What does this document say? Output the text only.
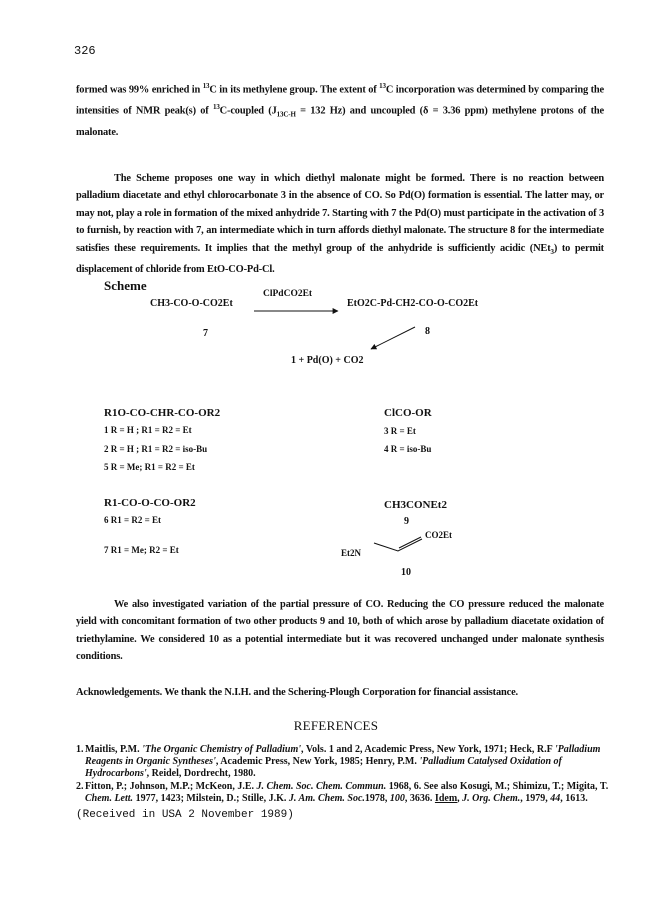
326

formed was 99% enriched in $^{13}$C in its methylene group. The extent of $^{13}$C incorporation was determined by comparing the intensities of NMR peak(s) of $^{13}$C-coupled ($J_{13C-H} = 132$ Hz) and uncoupled (δ = 3.36 ppm) methylene protons of the malonate.

The Scheme proposes one way in which diethyl malonate might be formed. There is no reaction between palladium diacetate and ethyl chlorocarbonate 3 in the absence of CO. So Pd(O) formation is essential. The latter may, or may not, play a role in formation of the mixed anhydride 7. Starting with 7 the Pd(O) must participate in the activation of 3 to furnish, by reaction with 7, an intermediate which in turn affords diethyl malonate. The structure 8 for the intermediate satisfies these requirements. It implies that the methyl group of the anhydride is sufficiently acidic (NEt$_3$) to permit displacement of chloride from EtO-CO-Pd-Cl.

Scheme
CH3-CO-O-CO2Et
7
ClPdCO2Et
EtO2C-Pd-CH2-CO-O-CO2Et
8
1 + Pd(O) + CO2
R1O-CO-CHR-CO-OR2
1 R = H ; R1 = R2 = Et
2 R = H ; R1 = R2 = iso-Bu
5 R = Me; R1 = R2 = Et
ClCO-OR
3 R = Et
4 R = iso-Bu
R1-CO-O-CO-OR2
6 R1 = R2 = Et
7 R1 = Me; R2 = Et
CH3CONEt2
9
Et2N
CO2Et
10

We also investigated variation of the partial pressure of CO. Reducing the CO pressure reduced the malonate yield with concomitant formation of two other products 9 and 10, both of which arose by palladium diacetate oxidation of triethylamine. We considered 10 as a potential intermediate but it was recovered unchanged under malonate synthesis conditions.

Acknowledgements. We thank the N.I.H. and the Schering-Plough Corporation for financial assistance.

REFERENCES
1. Maitlis, P.M. 'The Organic Chemistry of Palladium', Vols. 1 and 2, Academic Press, New York, 1971; Heck, R.F 'Palladium Reagents in Organic Syntheses', Academic Press, New York, 1985; Henry, P.M. 'Palladium Catalysed Oxidation of Hydrocarbons', Reidel, Dordrecht, 1980.
2. Fitton, P.; Johnson, M.P.; McKeon, J.E. J. Chem. Soc. Chem. Commun. 1968, 6. See also Kosugi, M.; Shimizu, T.; Migita, T. Chem. Lett. 1977, 1423; Milstein, D.; Stille, J.K. J. Am. Chem. Soc.1978, 100, 3636. Idem, J. Org. Chem., 1979, 44, 1613.
(Received in USA 2 November 1989)
